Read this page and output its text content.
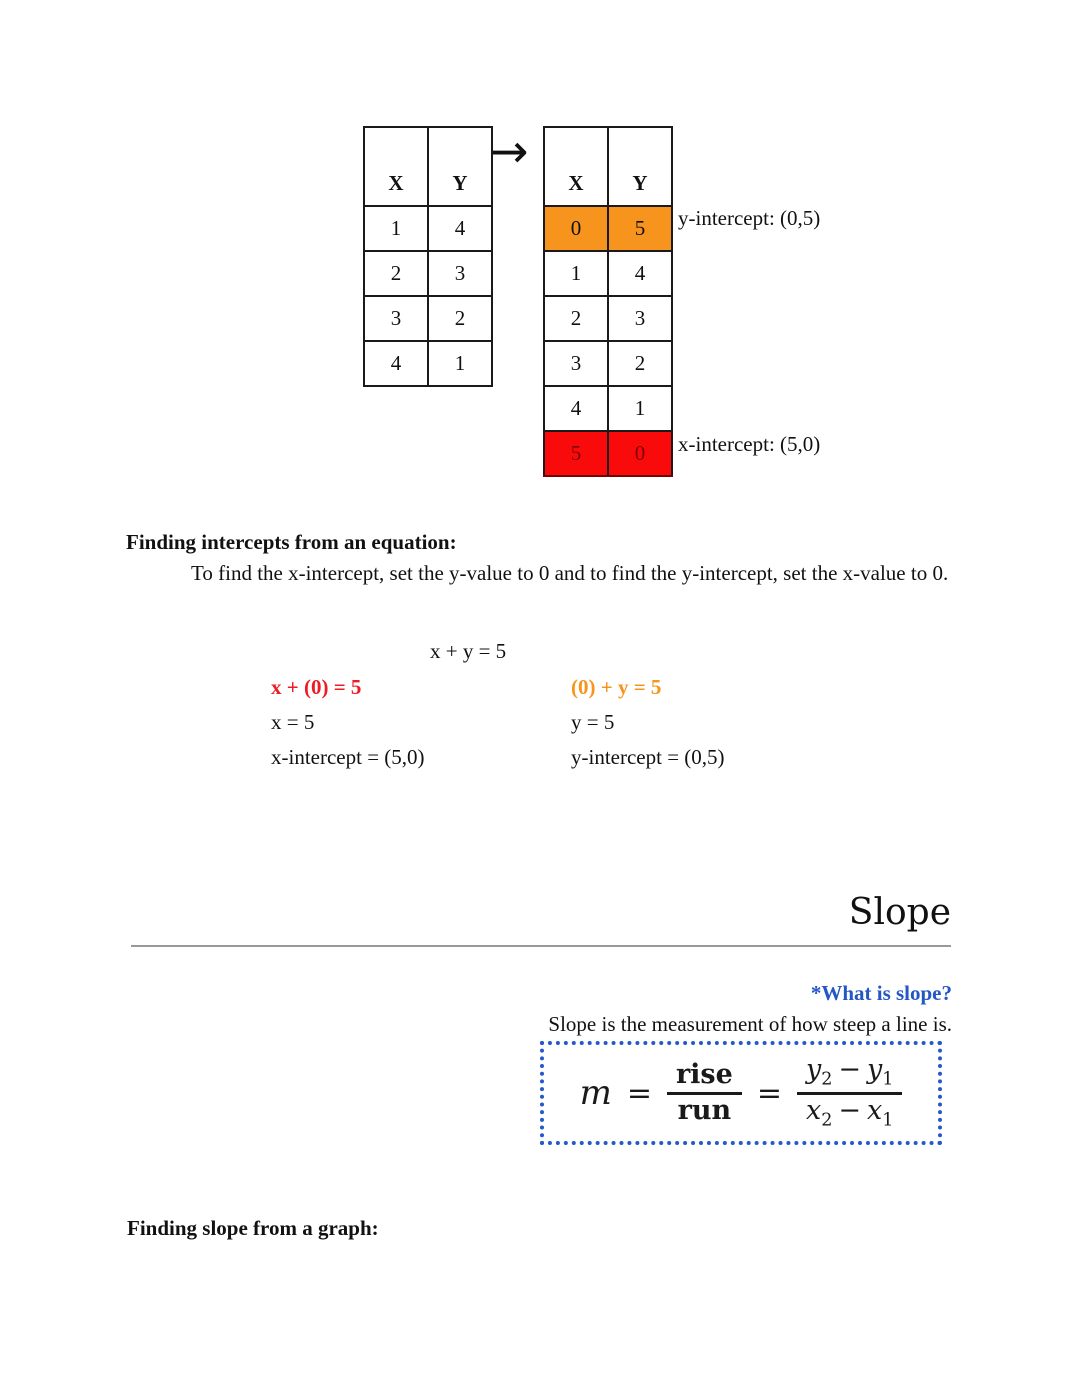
X	Y
1	4
2	3
3	2
4	1
→
X	Y
0	5
1	4
2	3
3	2
4	1
5	0
y-intercept: (0,5)
x-intercept: (5,0)
Finding intercepts from an equation:
To find the x-intercept, set the y-value to 0 and to find the y-intercept, set the x-value to 0.
x + y = 5
x + (0) = 5
x = 5
x-intercept = (5,0)
(0) + y = 5
y = 5
y-intercept = (0,5)
Slope
*What is slope?
Slope is the measurement of how steep a line is.
$m = \frac{\text{rise}}{\text{run}} = \frac{y_2 - y_1}{x_2 - x_1}$
Finding slope from a graph:
